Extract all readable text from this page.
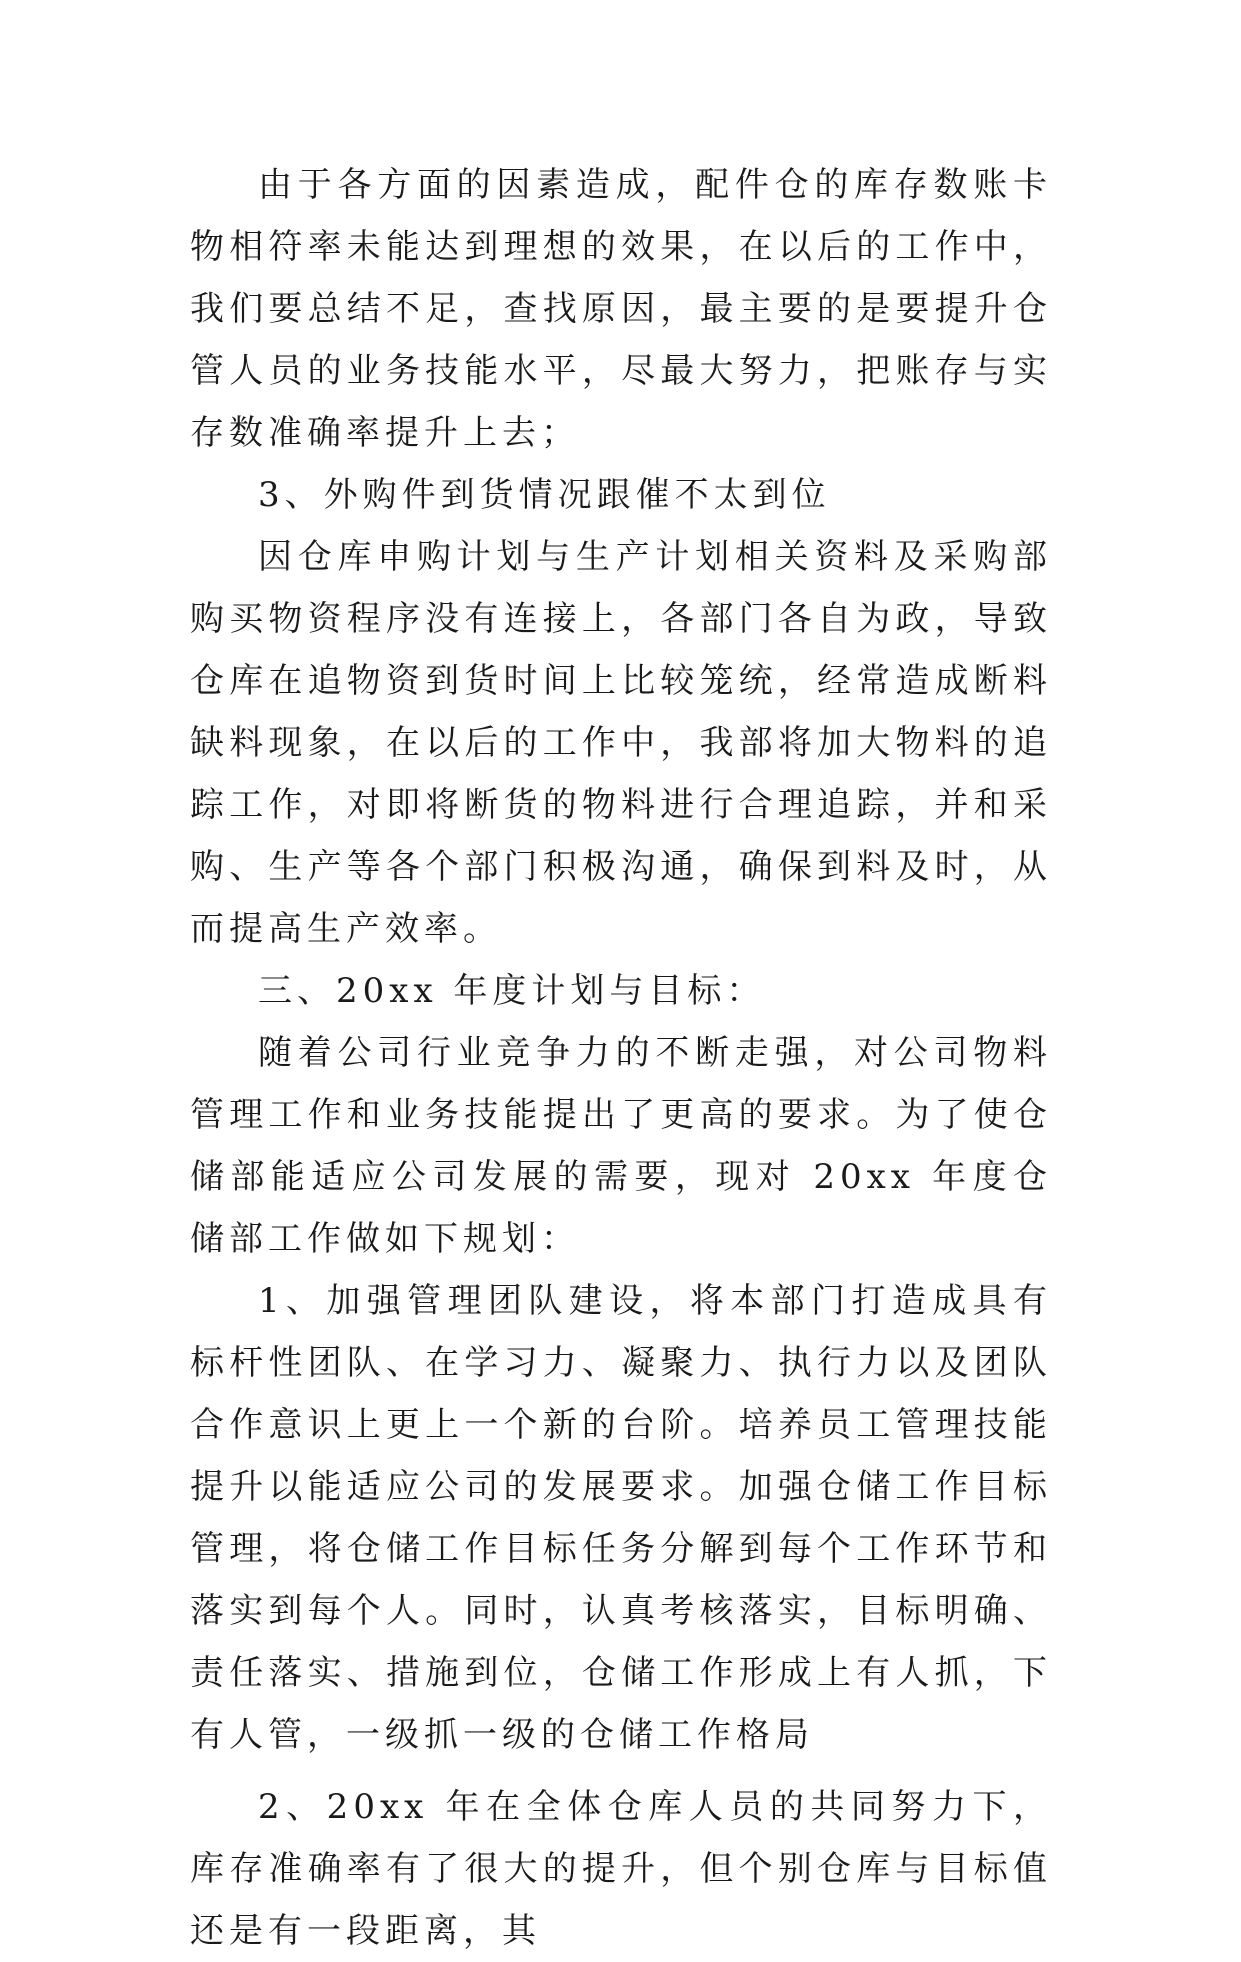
由于各方面的因素造成，配件仓的库存数账卡物相符率未能达到理想的效果，在以后的工作中，我们要总结不足，查找原因，最主要的是要提升仓管人员的业务技能水平，尽最大努力，把账存与实存数准确率提升上去；

3、外购件到货情况跟催不太到位

因仓库申购计划与生产计划相关资料及采购部购买物资程序没有连接上，各部门各自为政，导致仓库在追物资到货时间上比较笼统，经常造成断料缺料现象，在以后的工作中，我部将加大物料的追踪工作，对即将断货的物料进行合理追踪，并和采购、生产等各个部门积极沟通，确保到料及时，从而提高生产效率。

三、20xx 年度计划与目标：

随着公司行业竞争力的不断走强，对公司物料管理工作和业务技能提出了更高的要求。为了使仓储部能适应公司发展的需要，现对 20xx 年度仓储部工作做如下规划：

1、加强管理团队建设，将本部门打造成具有标杆性团队、在学习力、凝聚力、执行力以及团队合作意识上更上一个新的台阶。培养员工管理技能提升以能适应公司的发展要求。加强仓储工作目标管理，将仓储工作目标任务分解到每个工作环节和落实到每个人。同时，认真考核落实，目标明确、责任落实、措施到位，仓储工作形成上有人抓，下有人管，一级抓一级的仓储工作格局

2、20xx 年在全体仓库人员的共同努力下，库存准确率有了很大的提升，但个别仓库与目标值还是有一段距离，其
